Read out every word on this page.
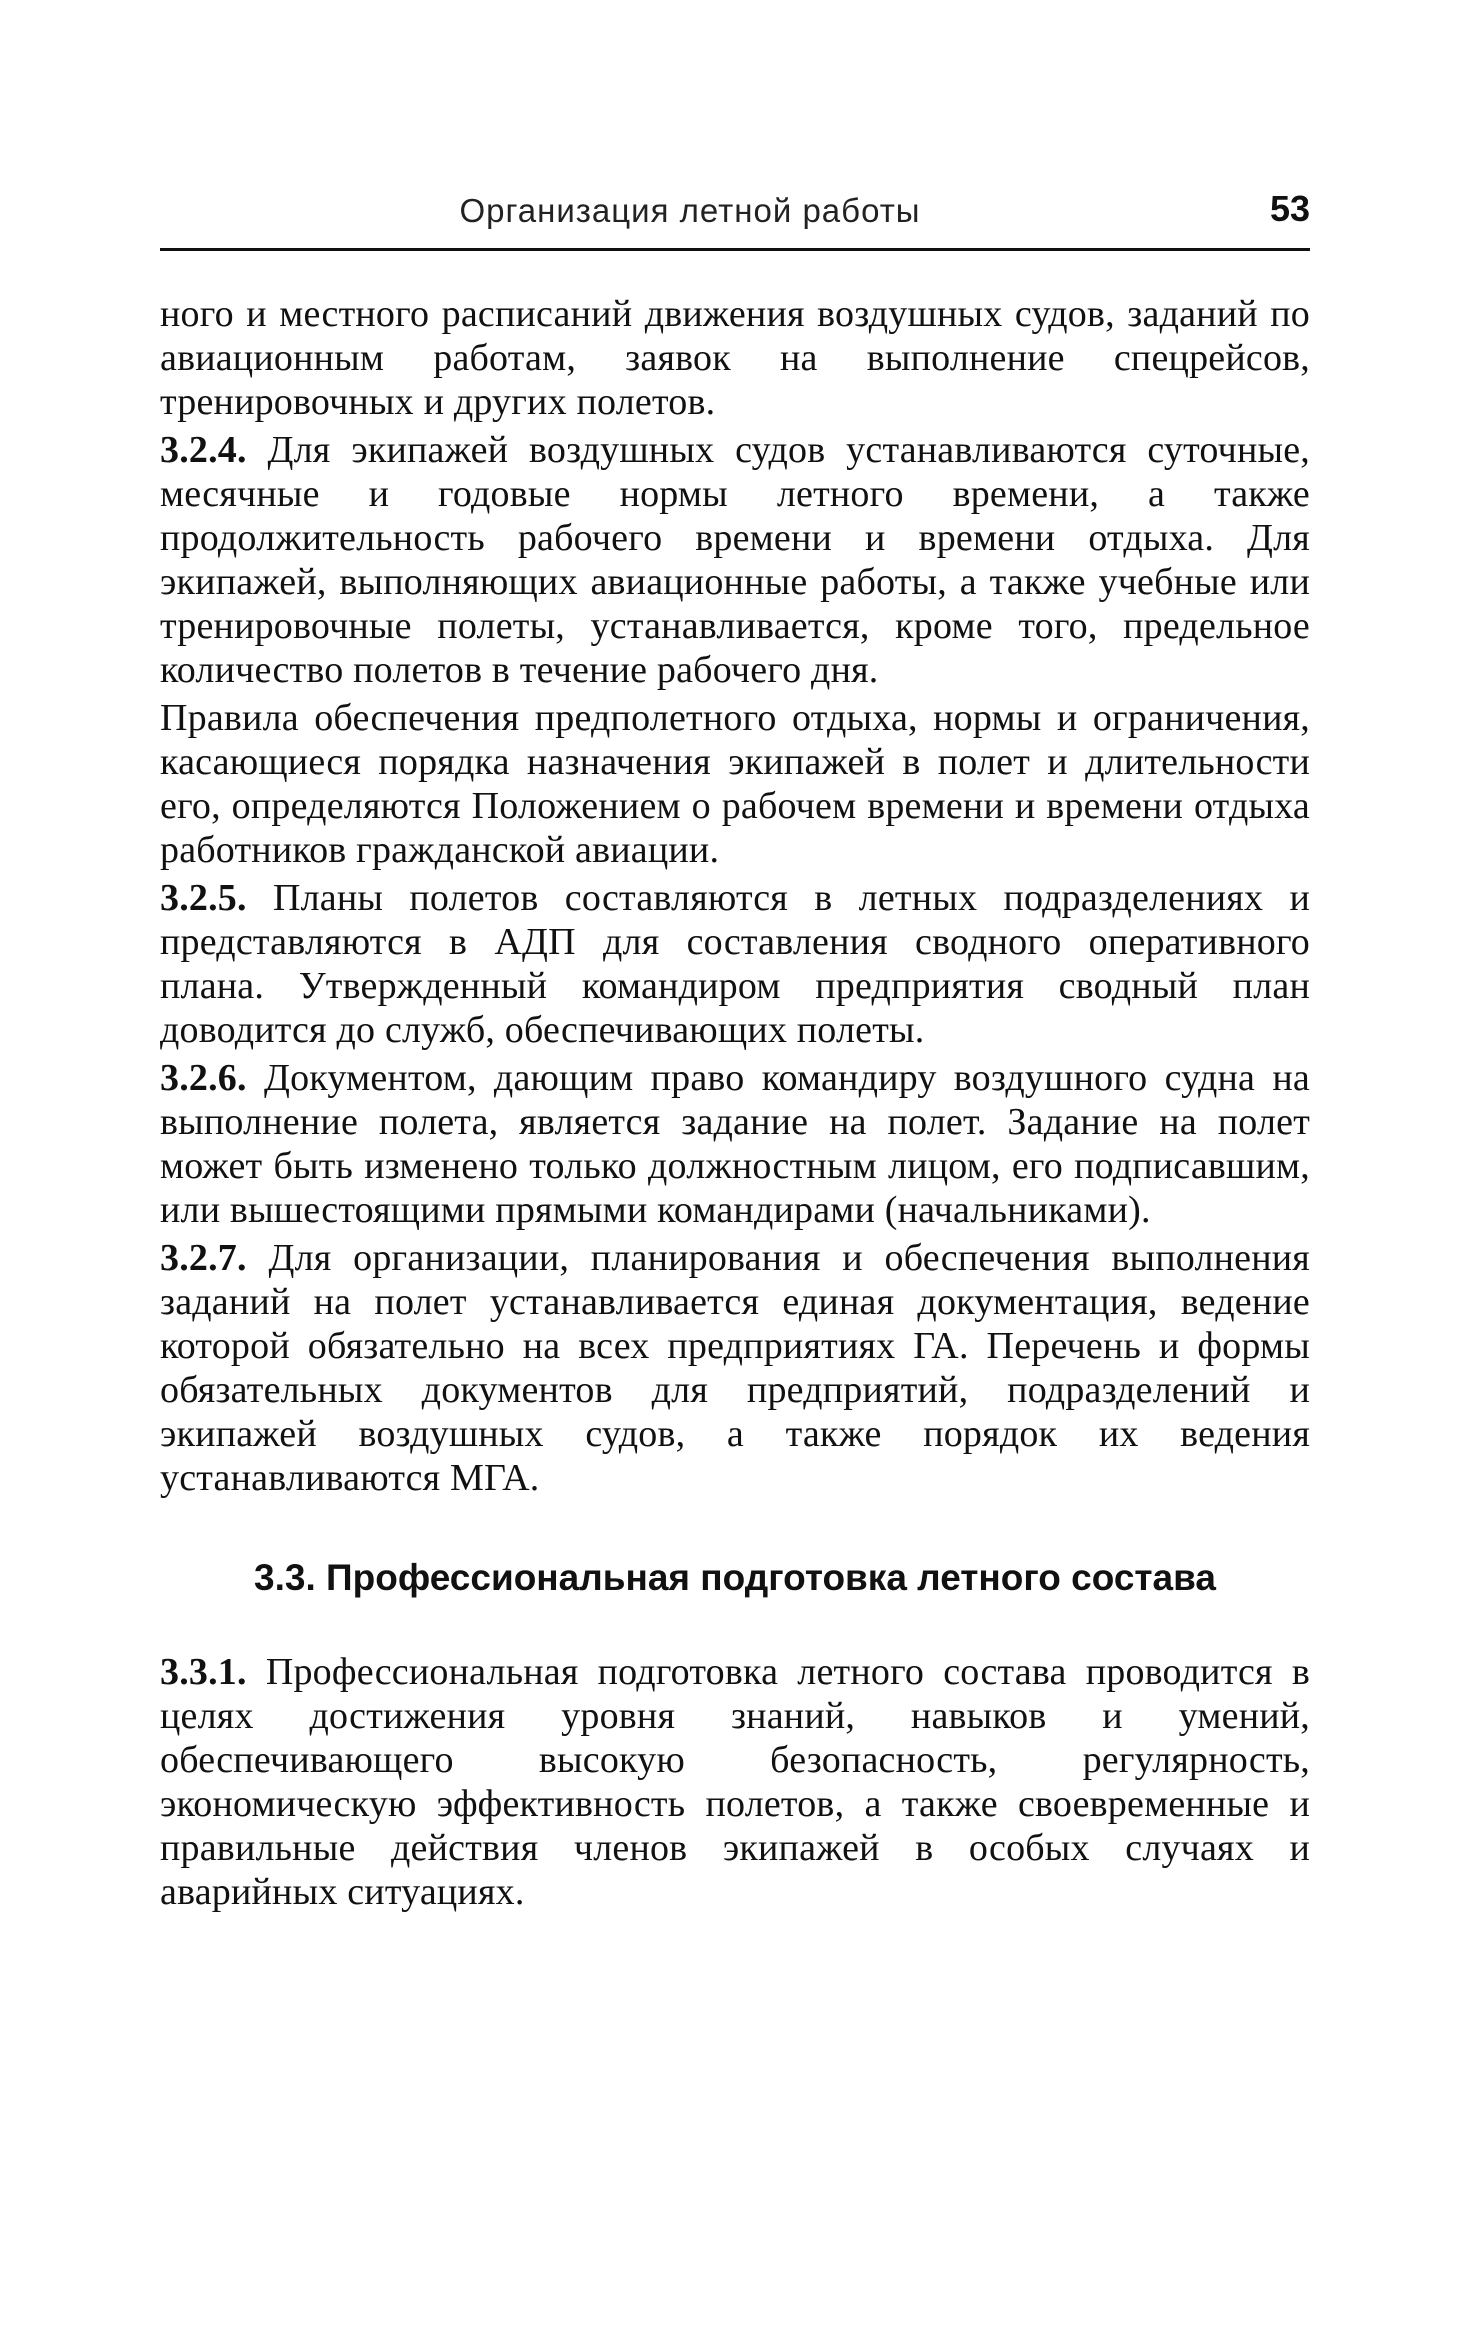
Организация летной работы	53

ного и местного расписаний движения воздушных судов, заданий по авиационным работам, заявок на выполнение спецрейсов, тренировочных и других полетов.

3.2.4. Для экипажей воздушных судов устанавливаются суточные, месячные и годовые нормы летного времени, а также продолжительность рабочего времени и времени отдыха. Для экипажей, выполняющих авиационные работы, а также учебные или тренировочные полеты, устанавливается, кроме того, предельное количество полетов в течение рабочего дня.

Правила обеспечения предполетного отдыха, нормы и ограничения, касающиеся порядка назначения экипажей в полет и длительности его, определяются Положением о рабочем времени и времени отдыха работников гражданской авиации.

3.2.5. Планы полетов составляются в летных подразделениях и представляются в АДП для составления сводного оперативного плана. Утвержденный командиром предприятия сводный план доводится до служб, обеспечивающих полеты.

3.2.6. Документом, дающим право командиру воздушного судна на выполнение полета, является задание на полет. Задание на полет может быть изменено только должностным лицом, его подписавшим, или вышестоящими прямыми командирами (начальниками).

3.2.7. Для организации, планирования и обеспечения выполнения заданий на полет устанавливается единая документация, ведение которой обязательно на всех предприятиях ГА. Перечень и формы обязательных документов для предприятий, подразделений и экипажей воздушных судов, а также порядок их ведения устанавливаются МГА.

3.3. Профессиональная подготовка летного состава

3.3.1. Профессиональная подготовка летного состава проводится в целях достижения уровня знаний, навыков и умений, обеспечивающего высокую безопасность, регулярность, экономическую эффективность полетов, а также своевременные и правильные действия членов экипажей в особых случаях и аварийных ситуациях.
